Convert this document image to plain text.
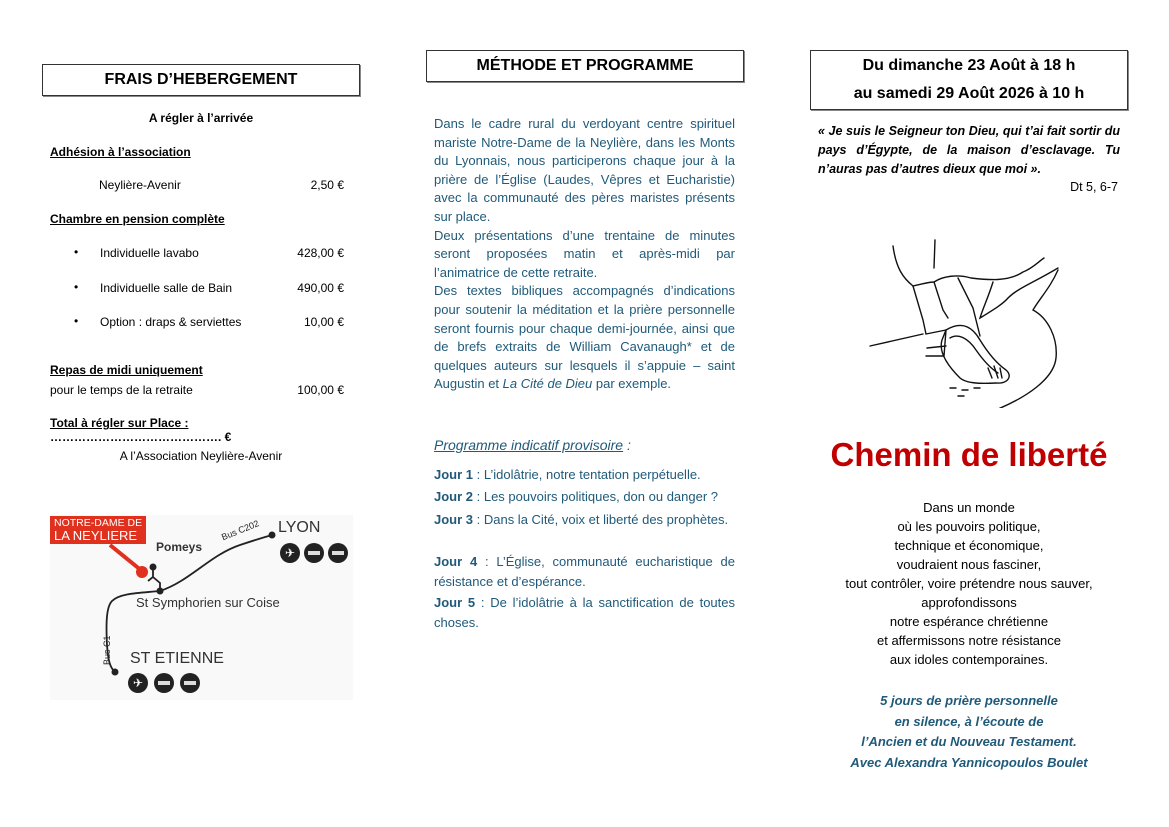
FRAIS D’HEBERGEMENT
A régler à l’arrivée
Adhésion à l’association
Neylière-Avenir	2,50 €
Chambre en pension complète
• Individuelle lavabo	428,00 €
• Individuelle salle de Bain	490,00 €
• Option : draps & serviettes	10,00 €
Repas de midi uniquement
pour le temps de la retraite	100,00 €
Total à régler sur Place : ……………………………………. €
A l’Association Neylière-Avenir
NOTRE-DAME DE
LA NEYLIERE
Pomeys
Bus C202 LYON
✈
St Symphorien sur Coise
Bus C1 ST ETIENNE
✈
MÉTHODE ET PROGRAMME

Dans le cadre rural du verdoyant centre spirituel mariste Notre-Dame de la Neylière, dans les Monts du Lyonnais, nous participerons chaque jour à la prière de l’Église (Laudes, Vêpres et Eucharistie) avec la communauté des pères maristes présents sur place.

Deux présentations d’une trentaine de minutes seront proposées matin et après-midi par l’animatrice de cette retraite.

Des textes bibliques accompagnés d’indications pour soutenir la méditation et la prière personnelle seront fournis pour chaque demi-journée, ainsi que de brefs extraits de William Cavanaugh* et de quelques auteurs sur lesquels il s’appuie – saint Augustin et La Cité de Dieu par exemple.

Programme indicatif provisoire :
Jour 1 : L’idolâtrie, notre tentation perpétuelle.
Jour 2 : Les pouvoirs politiques, don ou danger ?
Jour 3 : Dans la Cité, voix et liberté des prophètes.
Jour 4 : L’Église, communauté eucharistique de résistance et d’espérance.
Jour 5 : De l’idolâtrie à la sanctification de toutes choses.
Du dimanche 23 Août à 18 h
au samedi 29 Août 2026 à 10 h
« Je suis le Seigneur ton Dieu, qui t’ai fait sortir du pays d’Égypte, de la maison d’esclavage. Tu n’auras pas d’autres dieux que moi ».
Dt 5, 6-7
Chemin de liberté
Dans un monde
où les pouvoirs politique,
technique et économique,
voudraient nous fasciner,
tout contrôler, voire prétendre nous sauver,
approfondissons
notre espérance chrétienne
et affermissons notre résistance
aux idoles contemporaines.
5 jours de prière personnelle
en silence, à l’écoute de
l’Ancien et du Nouveau Testament.
Avec Alexandra Yannicopoulos Boulet
